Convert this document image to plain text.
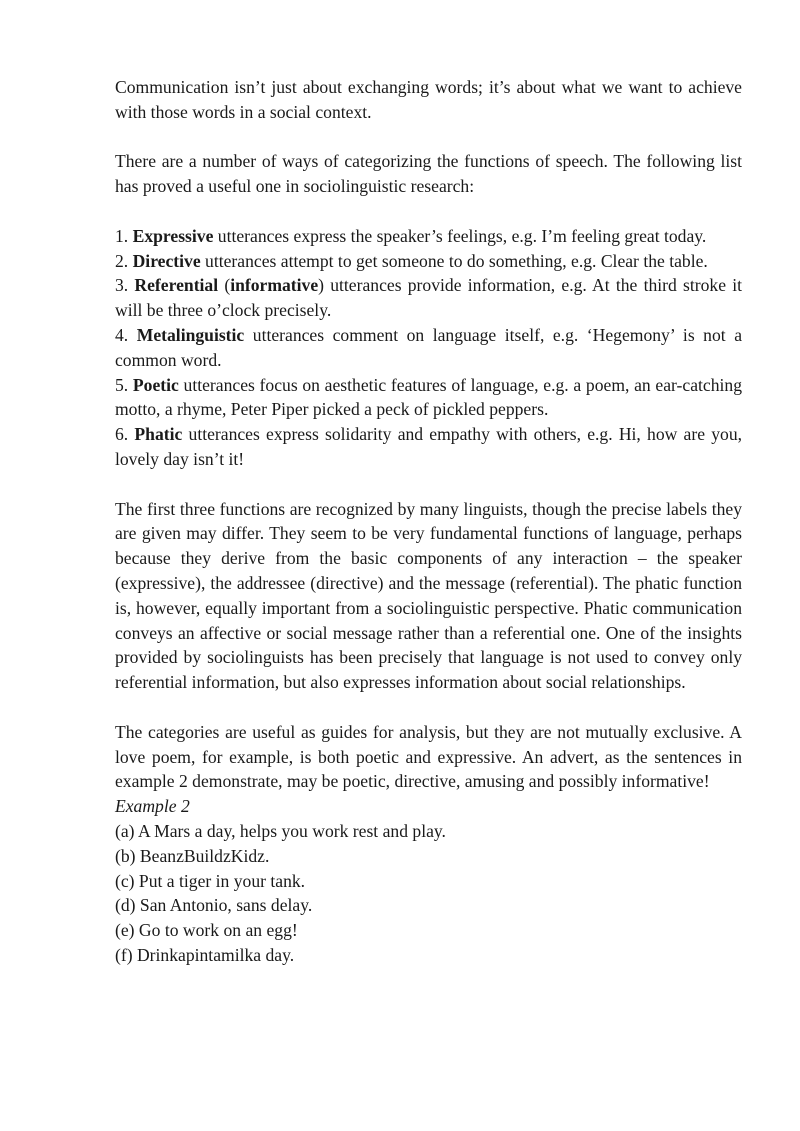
Communication isn’t just about exchanging words; it’s about what we want to achieve with those words in a social context.

There are a number of ways of categorizing the functions of speech. The following list has proved a useful one in sociolinguistic research:

1. Expressive utterances express the speaker’s feelings, e.g. I’m feeling great today.

2. Directive utterances attempt to get someone to do something, e.g. Clear the table.

3. Referential (informative) utterances provide information, e.g. At the third stroke it will be three o’clock precisely.

4. Metalinguistic utterances comment on language itself, e.g. ‘Hegemony’ is not a common word.

5. Poetic utterances focus on aesthetic features of language, e.g. a poem, an ear-catching motto, a rhyme, Peter Piper picked a peck of pickled peppers.

6. Phatic utterances express solidarity and empathy with others, e.g. Hi, how are you, lovely day isn’t it!

The first three functions are recognized by many linguists, though the precise labels they are given may differ. They seem to be very fundamental functions of language, perhaps because they derive from the basic components of any interaction – the speaker (expressive), the addressee (directive) and the message (referential). The phatic function is, however, equally important from a sociolinguistic perspective. Phatic communication conveys an affective or social message rather than a referential one. One of the insights provided by sociolinguists has been precisely that language is not used to convey only referential information, but also expresses information about social relationships.

The categories are useful as guides for analysis, but they are not mutually exclusive. A love poem, for example, is both poetic and expressive. An advert, as the sentences in example 2 demonstrate, may be poetic, directive, amusing and possibly informative!

Example 2

(a) A Mars a day, helps you work rest and play.

(b) BeanzBuildzKidz.

(c) Put a tiger in your tank.

(d) San Antonio, sans delay.

(e) Go to work on an egg!

(f) Drinkapintamilka day.
